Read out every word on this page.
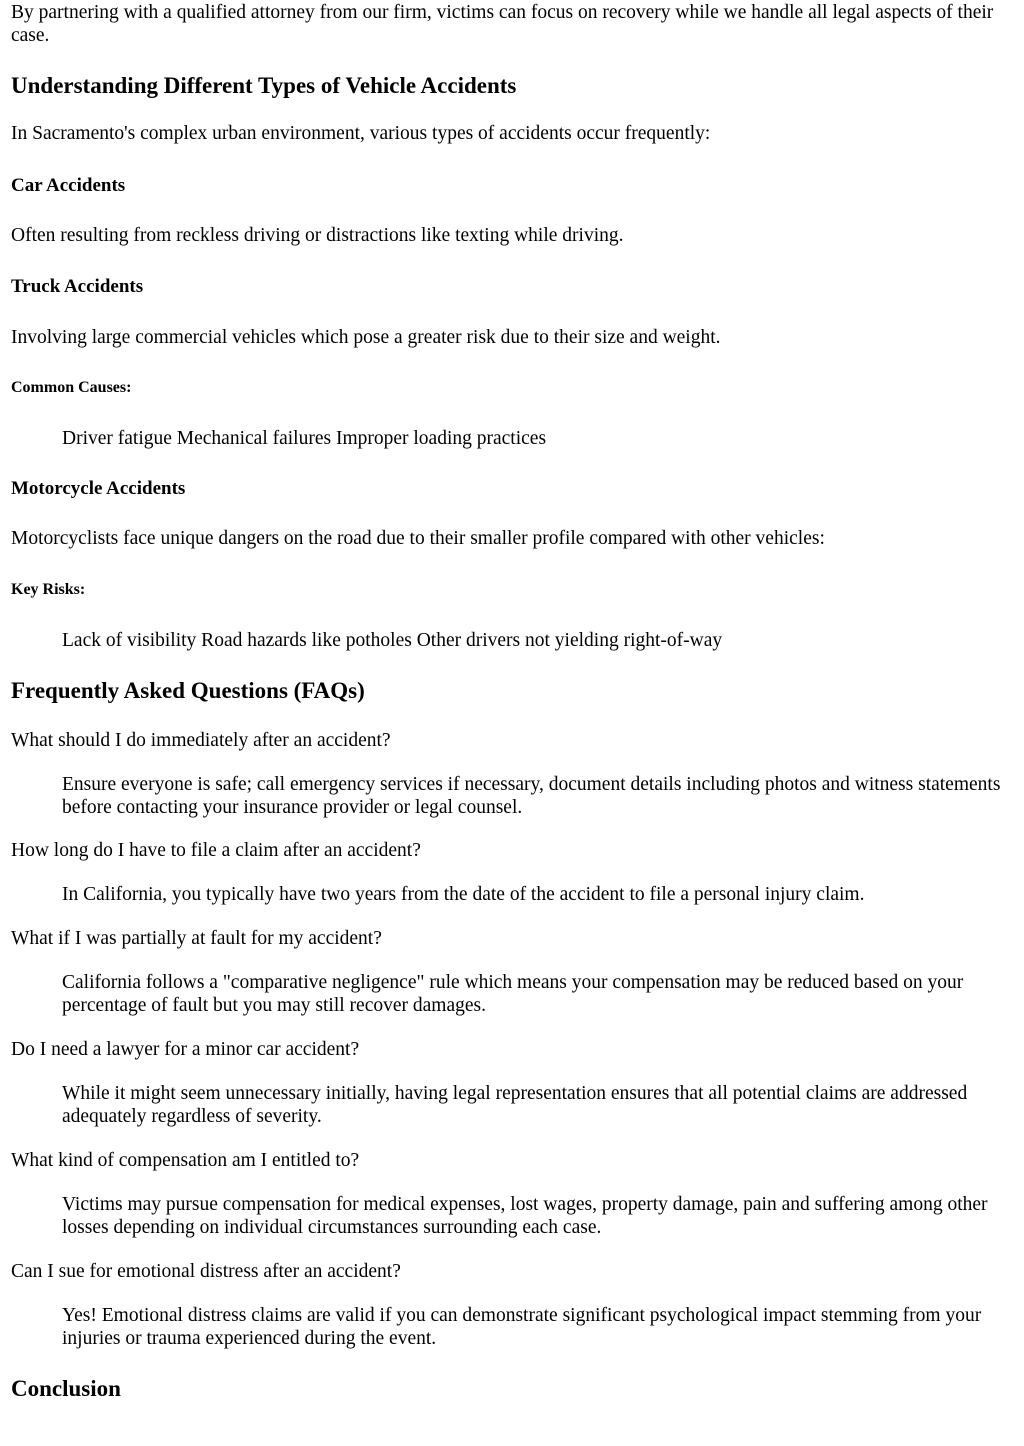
By partnering with a qualified attorney from our firm, victims can focus on recovery while we handle all legal aspects of their case.

Understanding Different Types of Vehicle Accidents

In Sacramento's complex urban environment, various types of accidents occur frequently:

Car Accidents

Often resulting from reckless driving or distractions like texting while driving.

Truck Accidents

Involving large commercial vehicles which pose a greater risk due to their size and weight.

Common Causes:

Driver fatigue Mechanical failures Improper loading practices

Motorcycle Accidents

Motorcyclists face unique dangers on the road due to their smaller profile compared with other vehicles:

Key Risks:

Lack of visibility Road hazards like potholes Other drivers not yielding right-of-way

Frequently Asked Questions (FAQs)

What should I do immediately after an accident?

Ensure everyone is safe; call emergency services if necessary, document details including photos and witness statements before contacting your insurance provider or legal counsel.

How long do I have to file a claim after an accident?

In California, you typically have two years from the date of the accident to file a personal injury claim.

What if I was partially at fault for my accident?

California follows a "comparative negligence" rule which means your compensation may be reduced based on your percentage of fault but you may still recover damages.

Do I need a lawyer for a minor car accident?

While it might seem unnecessary initially, having legal representation ensures that all potential claims are addressed adequately regardless of severity.

What kind of compensation am I entitled to?

Victims may pursue compensation for medical expenses, lost wages, property damage, pain and suffering among other losses depending on individual circumstances surrounding each case.

Can I sue for emotional distress after an accident?

Yes! Emotional distress claims are valid if you can demonstrate significant psychological impact stemming from your injuries or trauma experienced during the event.

Conclusion
